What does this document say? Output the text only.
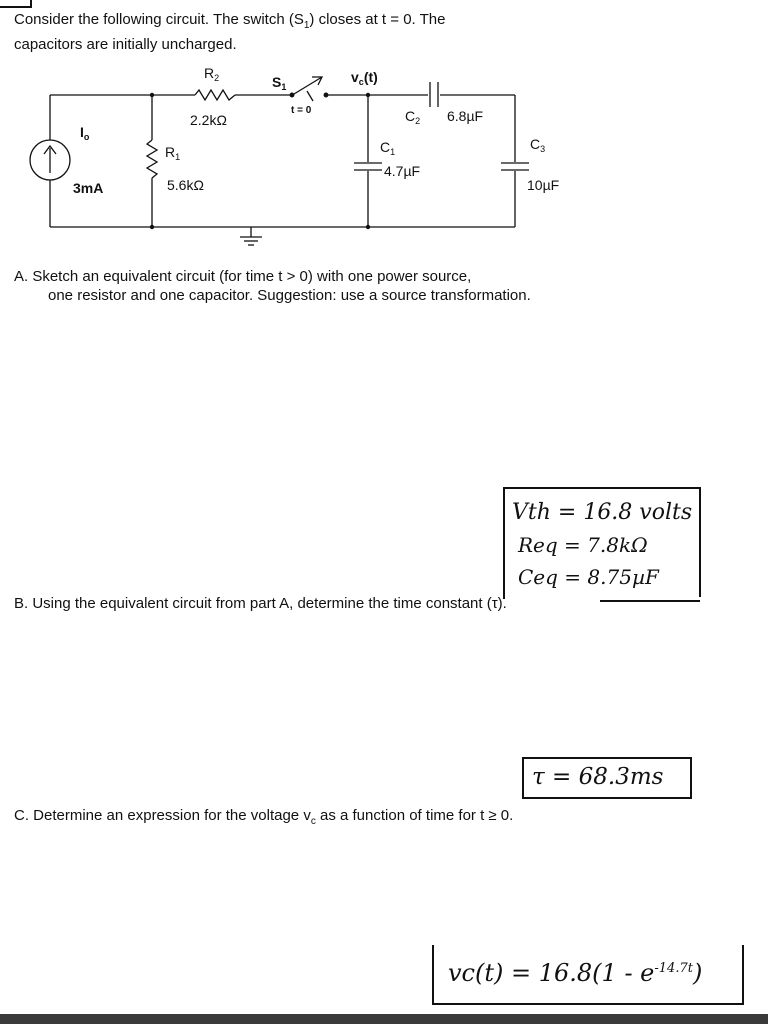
Consider the following circuit. The switch $(S_1)$ closes at t = 0. The
capacitors are initially uncharged.
$I_o$
3mA
$R_1$
5.6kΩ
$R_2$
2.2kΩ
$S_1$
t = 0
$v_c(t)$
$C_1$
4.7µF
$C_2$ 6.8µF
$C_3$
10µF
A. Sketch an equivalent circuit (for time t > 0) with one power source,
one resistor and one capacitor. Suggestion: use a source transformation.
Vth = 16.8 volts
Req = 7.8kΩ
Ceq = 8.75µF
B. Using the equivalent circuit from part A, determine the time constant (τ).
τ = 68.3ms
C. Determine an expression for the voltage $v_c$ as a function of time for t ≥ 0.
$vc(t) = 16.8(1 - e^{-14.7t})$
